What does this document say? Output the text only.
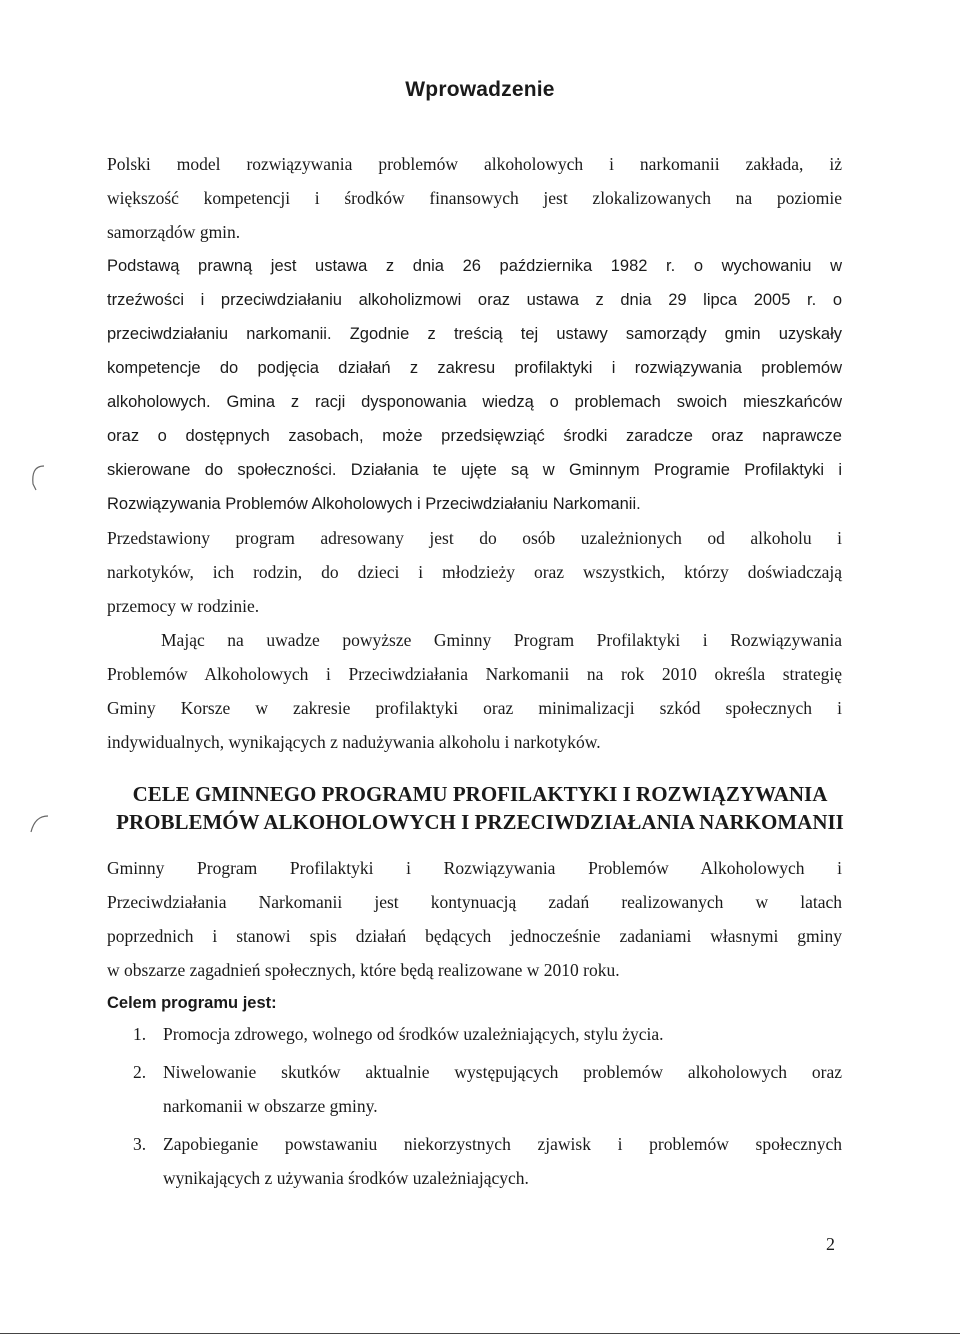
Wprowadzenie

Polski model rozwiązywania problemów alkoholowych i narkomanii zakłada, iż
większość kompetencji i środków finansowych jest zlokalizowanych na poziomie
samorządów gmin.

Podstawą prawną jest ustawa z dnia 26 października 1982 r. o wychowaniu w
trzeźwości i przeciwdziałaniu alkoholizmowi oraz ustawa z dnia 29 lipca 2005 r. o
przeciwdziałaniu narkomanii. Zgodnie z treścią tej ustawy samorządy gmin uzyskały
kompetencje do podjęcia działań z zakresu profilaktyki i rozwiązywania problemów
alkoholowych. Gmina z racji dysponowania wiedzą o problemach swoich mieszkańców
oraz o dostępnych zasobach, może przedsięwziąć środki zaradcze oraz naprawcze
skierowane do społeczności. Działania te ujęte są w Gminnym Programie Profilaktyki i
Rozwiązywania Problemów Alkoholowych i Przeciwdziałaniu Narkomanii.

Przedstawiony program adresowany jest do osób uzależnionych od alkoholu i
narkotyków, ich rodzin, do dzieci i młodzieży oraz wszystkich, którzy doświadczają
przemocy w rodzinie.

Mając na uwadze powyższe Gminny Program Profilaktyki i Rozwiązywania
Problemów Alkoholowych i Przeciwdziałania Narkomanii na rok 2010 określa strategię
Gminy Korsze w zakresie profilaktyki oraz minimalizacji szkód społecznych i
indywidualnych, wynikających z nadużywania alkoholu i narkotyków.

CELE GMINNEGO PROGRAMU PROFILAKTYKI I ROZWIĄZYWANIA
PROBLEMÓW ALKOHOLOWYCH I PRZECIWDZIAŁANIA NARKOMANII

Gminny Program Profilaktyki i Rozwiązywania Problemów Alkoholowych i
Przeciwdziałania Narkomanii jest kontynuacją zadań realizowanych w latach
poprzednich i stanowi spis działań będących jednocześnie zadaniami własnymi gminy
w obszarze zagadnień społecznych, które będą realizowane w 2010 roku.

Celem programu jest:
1. Promocja zdrowego, wolnego od środków uzależniających, stylu życia.
2. Niwelowanie skutków aktualnie występujących problemów alkoholowych oraz
narkomanii w obszarze gminy.
3. Zapobieganie powstawaniu niekorzystnych zjawisk i problemów społecznych
wynikających z używania środków uzależniających.
2
